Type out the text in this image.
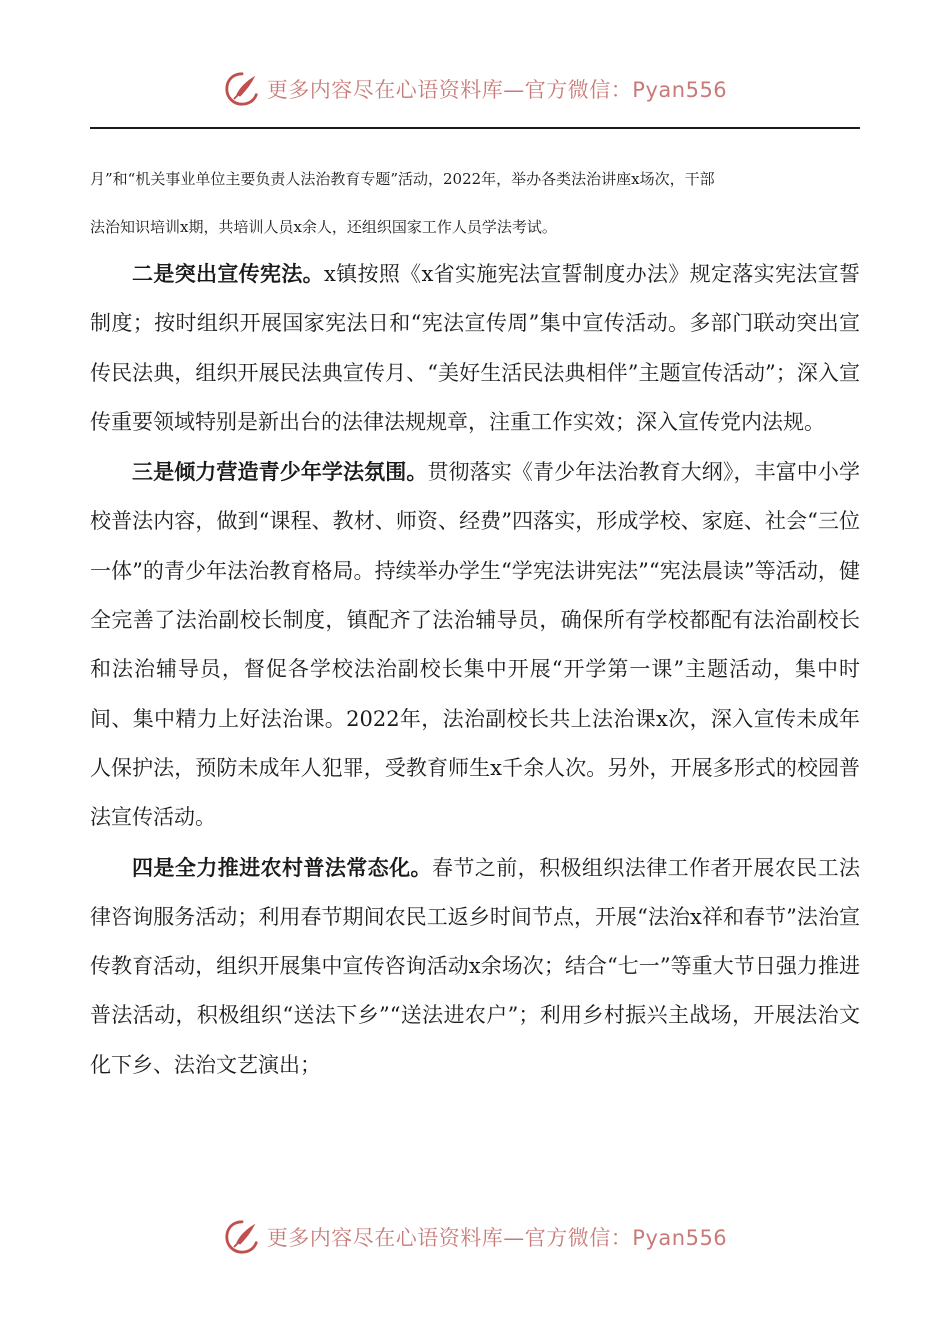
更多内容尽在心语资料库—官方微信：Pyan556
月”和“机关事业单位主要负责人法治教育专题”活动，2022年，举办各类法治讲座x场次，干部
法治知识培训x期，共培训人员x余人，还组织国家工作人员学法考试。

二是突出宣传宪法。x镇按照《x省实施宪法宣誓制度办法》规定落实宪法宣誓制度；按时组织开展国家宪法日和“宪法宣传周”集中宣传活动。多部门联动突出宣传民法典，组织开展民法典宣传月、“美好生活民法典相伴”主题宣传活动”；深入宣传重要领域特别是新出台的法律法规规章，注重工作实效；深入宣传党内法规。

三是倾力营造青少年学法氛围。贯彻落实《青少年法治教育大纲》，丰富中小学校普法内容，做到“课程、教材、师资、经费”四落实，形成学校、家庭、社会“三位一体”的青少年法治教育格局。持续举办学生“学宪法讲宪法”“宪法晨读”等活动，健全完善了法治副校长制度，镇配齐了法治辅导员，确保所有学校都配有法治副校长和法治辅导员，督促各学校法治副校长集中开展“开学第一课”主题活动，集中时间、集中精力上好法治课。2022年，法治副校长共上法治课x次，深入宣传未成年人保护法，预防未成年人犯罪，受教育师生x千余人次。另外，开展多形式的校园普法宣传活动。

四是全力推进农村普法常态化。春节之前，积极组织法律工作者开展农民工法律咨询服务活动；利用春节期间农民工返乡时间节点，开展“法治x祥和春节”法治宣传教育活动，组织开展集中宣传咨询活动x余场次；结合“七一”等重大节日强力推进普法活动，积极组织“送法下乡”“送法进农户”；利用乡村振兴主战场，开展法治文化下乡、法治文艺演出；

更多内容尽在心语资料库—官方微信：Pyan556
